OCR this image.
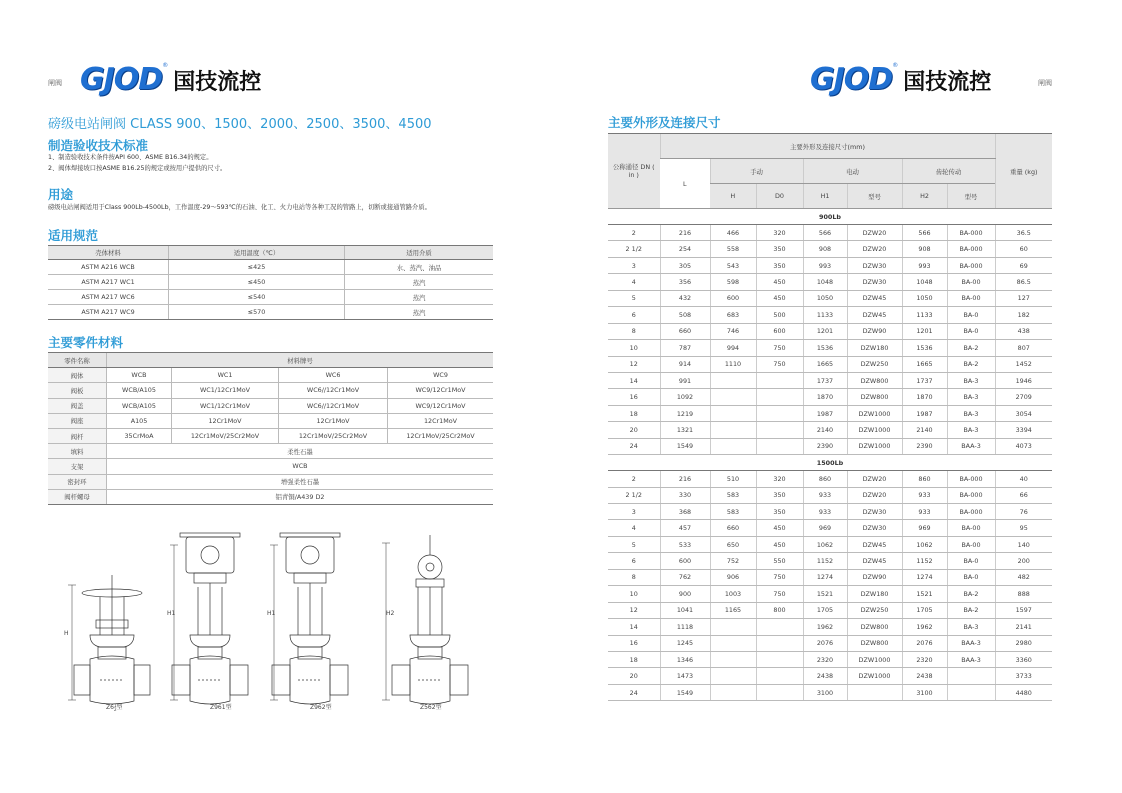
闸阀 GJOD® 国技流控	GJOD® 国技流控	闸阀
磅级电站闸阀 CLASS 900、1500、2000、2500、3500、4500
制造验收技术标准
1、制造验收技术条件按API 600、ASME B16.34的规定。
2、阀体焊接坡口按ASME B16.25的规定或按用户提供的尺寸。
用途
磅级电站闸阀适用于Class 900Lb-4500Lb，工作温度-29～593℃的石油、化工、火力电站等各种工况的管路上，切断或接通管路介质。
适用规范
壳体材料	适用温度（℃）	适用介质
ASTM A216 WCB	≤425	水、蒸汽、油品
ASTM A217 WC1	≤450	蒸汽
ASTM A217 WC6	≤540	蒸汽
ASTM A217 WC9	≤570	蒸汽
主要零件材料
零件名称	材料牌号			
阀体	WCB	WC1	WC6	WC9
阀板	WCB/A105	WC1/12Cr1MoV	WC6//12Cr1MoV	WC9/12Cr1MoV
阀盖	WCB/A105	WC1/12Cr1MoV	WC6//12Cr1MoV	WC9/12Cr1MoV
阀座	A105	12Cr1MoV	12Cr1MoV	12Cr1MoV
阀杆	35CrMoA	12Cr1MoV/25Cr2MoV	12Cr1MoV/25Cr2MoV	12Cr1MoV/25Cr2MoV
填料	柔性石墨			
支架	WCB			
密封环	增强柔性石墨			
阀杆螺母	铝青铜/A439 D2			
H
H1	H1	H2
Z6 1
2 型	Z961型	Z962型	Z562型
主要外形及连接尺寸
公称通径 DN ( in )	主要外形及连接尺寸(mm)							重量 (kg)
	L	手动		电动		齿轮传动		
		H	D0	H1	型号	H2	型号	
900Lb								
2	216	466	320	566	DZW20	566	BA-000	36.5
2 1/2	254	558	350	908	DZW20	908	BA-000	60
3	305	543	350	993	DZW30	993	BA-000	69
4	356	598	450	1048	DZW30	1048	BA-00	86.5
5	432	600	450	1050	DZW45	1050	BA-00	127
6	508	683	500	1133	DZW45	1133	BA-0	182
8	660	746	600	1201	DZW90	1201	BA-0	438
10	787	994	750	1536	DZW180	1536	BA-2	807
12	914	1110	750	1665	DZW250	1665	BA-2	1452
14	991			1737	DZW800	1737	BA-3	1946
16	1092			1870	DZW800	1870	BA-3	2709
18	1219			1987	DZW1000	1987	BA-3	3054
20	1321			2140	DZW1000	2140	BA-3	3394
24	1549			2390	DZW1000	2390	BAA-3	4073
1500Lb								
2	216	510	320	860	DZW20	860	BA-000	40
2 1/2	330	583	350	933	DZW20	933	BA-000	66
3	368	583	350	933	DZW30	933	BA-000	76
4	457	660	450	969	DZW30	969	BA-00	95
5	533	650	450	1062	DZW45	1062	BA-00	140
6	600	752	550	1152	DZW45	1152	BA-0	200
8	762	906	750	1274	DZW90	1274	BA-0	482
10	900	1003	750	1521	DZW180	1521	BA-2	888
12	1041	1165	800	1705	DZW250	1705	BA-2	1597
14	1118			1962	DZW800	1962	BA-3	2141
16	1245			2076	DZW800	2076	BAA-3	2980
18	1346			2320	DZW1000	2320	BAA-3	3360
20	1473			2438	DZW1000	2438		3733
24	1549			3100		3100		4480
